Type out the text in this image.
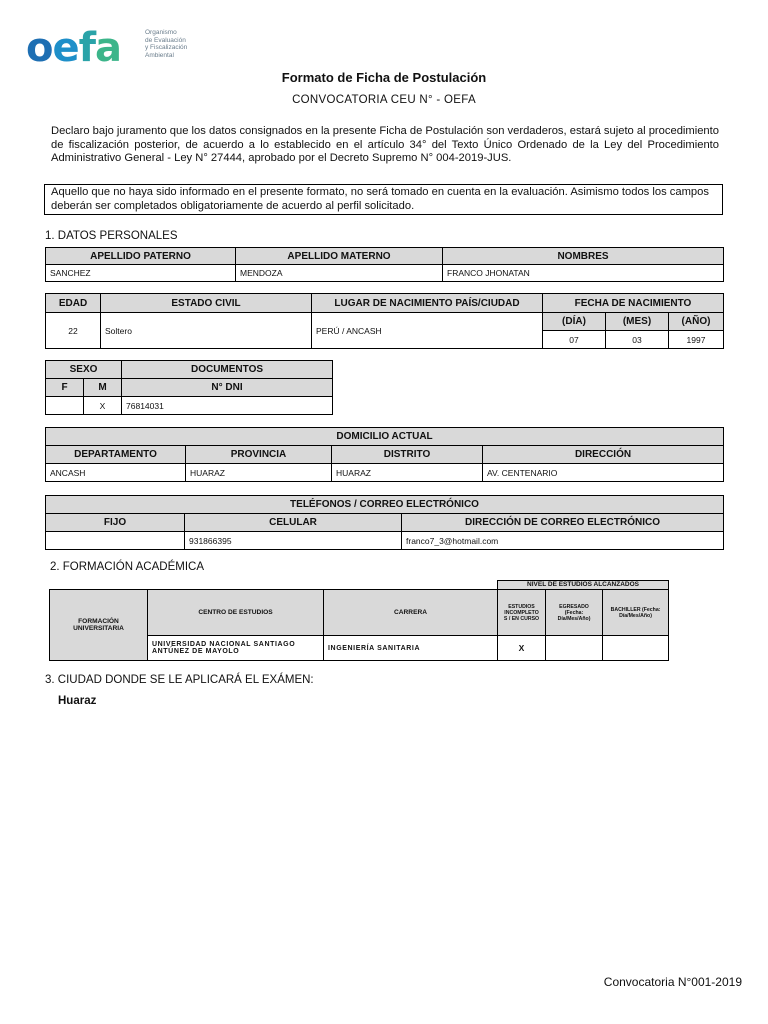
oefa	Organismo
de Evaluación
y Fiscalización
Ambiental
Formato de Ficha de Postulación
CONVOCATORIA CEU N° - OEFA
Declaro bajo juramento que los datos consignados en la presente Ficha de Postulación son verdaderos, estará sujeto al procedimiento de fiscalización posterior, de acuerdo a lo establecido en el artículo 34° del Texto Único Ordenado de la Ley del Procedimiento Administrativo General - Ley N° 27444, aprobado por el Decreto Supremo N° 004-2019-JUS.
Aquello que no haya sido informado en el presente formato, no será tomado en cuenta en la evaluación. Asimismo todos los campos deberán ser completados obligatoriamente de acuerdo al perfil solicitado.
1. DATOS PERSONALES
APELLIDO PATERNO	APELLIDO MATERNO	NOMBRES
SANCHEZ	MENDOZA	FRANCO JHONATAN
EDAD	ESTADO CIVIL	LUGAR DE NACIMIENTO PAÍS/CIUDAD	FECHA DE NACIMIENTO		
22	Soltero	PERÚ / ANCASH	(DÍA)	(MES)	(AÑO)
			07	03	1997
SEXO		DOCUMENTOS
F	M	N° DNI
	X	76814031
DOMICILIO ACTUAL			
DEPARTAMENTO	PROVINCIA	DISTRITO	DIRECCIÓN
ANCASH	HUARAZ	HUARAZ	AV. CENTENARIO
TELÉFONOS / CORREO ELECTRÓNICO		
FIJO	CELULAR	DIRECCIÓN DE CORREO ELECTRÓNICO
	931866395	franco7_3@hotmail.com
2. FORMACIÓN ACADÉMICA
			NIVEL DE ESTUDIOS ALCANZADOS		
FORMACIÓN UNIVERSITARIA	CENTRO DE ESTUDIOS	CARRERA	ESTUDIOS INCOMPLETO S / EN CURSO	EGRESADO (Fecha: Día/Mes/Año)	BACHILLER (Fecha: Día/Mes/Año)
	UNIVERSIDAD NACIONAL SANTIAGO ANTÚNEZ DE MAYOLO	INGENIERÍA SANITARIA	X		
3. CIUDAD DONDE SE LE APLICARÁ EL EXÁMEN:
Huaraz
Convocatoria N°001-2019
